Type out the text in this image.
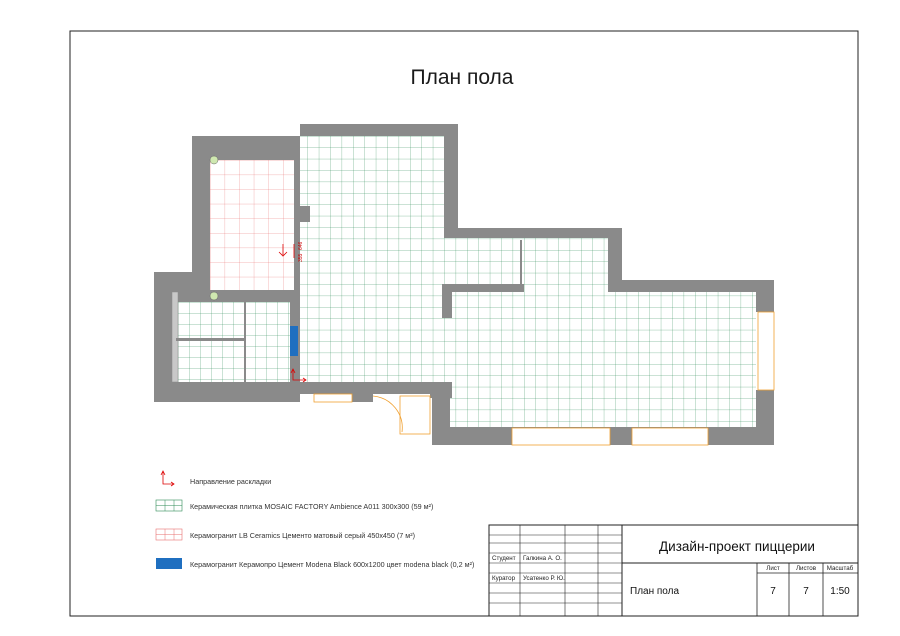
План пола
646
355
Направление раскладки
Керамическая плитка MOSAIC FACTORY Ambience A011 300x300 (59 м²)
Керамогранит LB Ceramics Цементо матовый серый 450x450 (7 м²)
Керамогранит Керамопро Цемент Modena Black 600x1200 цвет modena black (0,2 м²)
Студент Галкина А. О.
Куратор Усатенко Р. Ю.
Дизайн-проект пиццерии
План пола
Лист	Листов Масштаб
7	7 1:50
